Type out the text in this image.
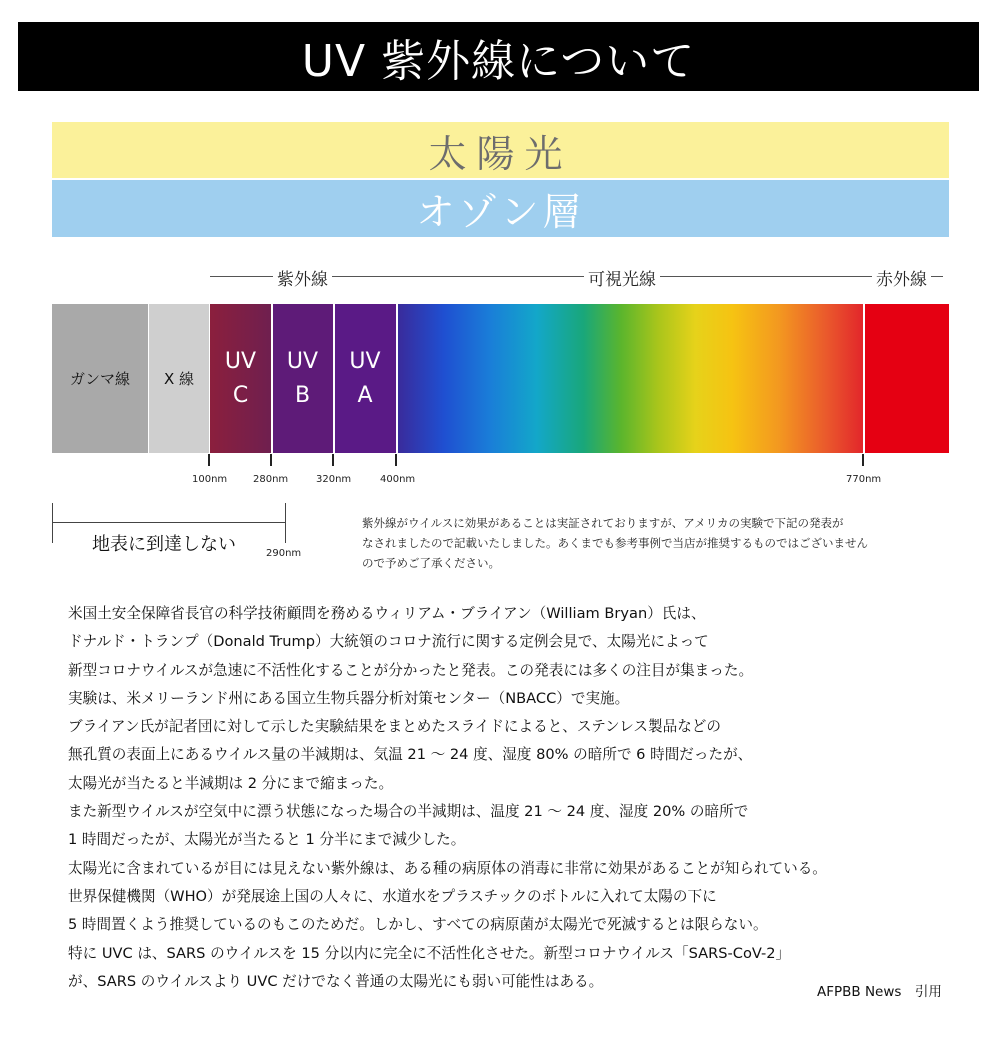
UV 紫外線について
太陽光
オゾン層
紫外線	可視光線	赤外線
ガンマ線 X 線
UV
C
UV
B
UV
A
100nm	280nm	320nm	400nm	770nm
地表に到達しない	290nm
紫外線がウイルスに効果があることは実証されておりますが、アメリカの実験で下記の発表が
なされましたので記載いたしました。あくまでも参考事例で当店が推奨するものではございません
ので予めご了承ください。

米国土安全保障省長官の科学技術顧問を務めるウィリアム・ブライアン（William Bryan）氏は、

ドナルド・トランプ（Donald Trump）大統領のコロナ流行に関する定例会見で、太陽光によって

新型コロナウイルスが急速に不活性化することが分かったと発表。この発表には多くの注目が集まった。

実験は、米メリーランド州にある国立生物兵器分析対策センター（NBACC）で実施。

ブライアン氏が記者団に対して示した実験結果をまとめたスライドによると、ステンレス製品などの

無孔質の表面上にあるウイルス量の半減期は、気温 21 ～ 24 度、湿度 80% の暗所で 6 時間だったが、

太陽光が当たると半減期は 2 分にまで縮まった。

また新型ウイルスが空気中に漂う状態になった場合の半減期は、温度 21 ～ 24 度、湿度 20% の暗所で

1 時間だったが、太陽光が当たると 1 分半にまで減少した。

太陽光に含まれているが目には見えない紫外線は、ある種の病原体の消毒に非常に効果があることが知られている。

世界保健機関（WHO）が発展途上国の人々に、水道水をプラスチックのボトルに入れて太陽の下に

5 時間置くよう推奨しているのもこのためだ。しかし、すべての病原菌が太陽光で死滅するとは限らない。

特に UVC は、SARS のウイルスを 15 分以内に完全に不活性化させた。新型コロナウイルス「SARS-CoV-2」

が、SARS のウイルスより UVC だけでなく普通の太陽光にも弱い可能性はある。

AFPBB News　引用
